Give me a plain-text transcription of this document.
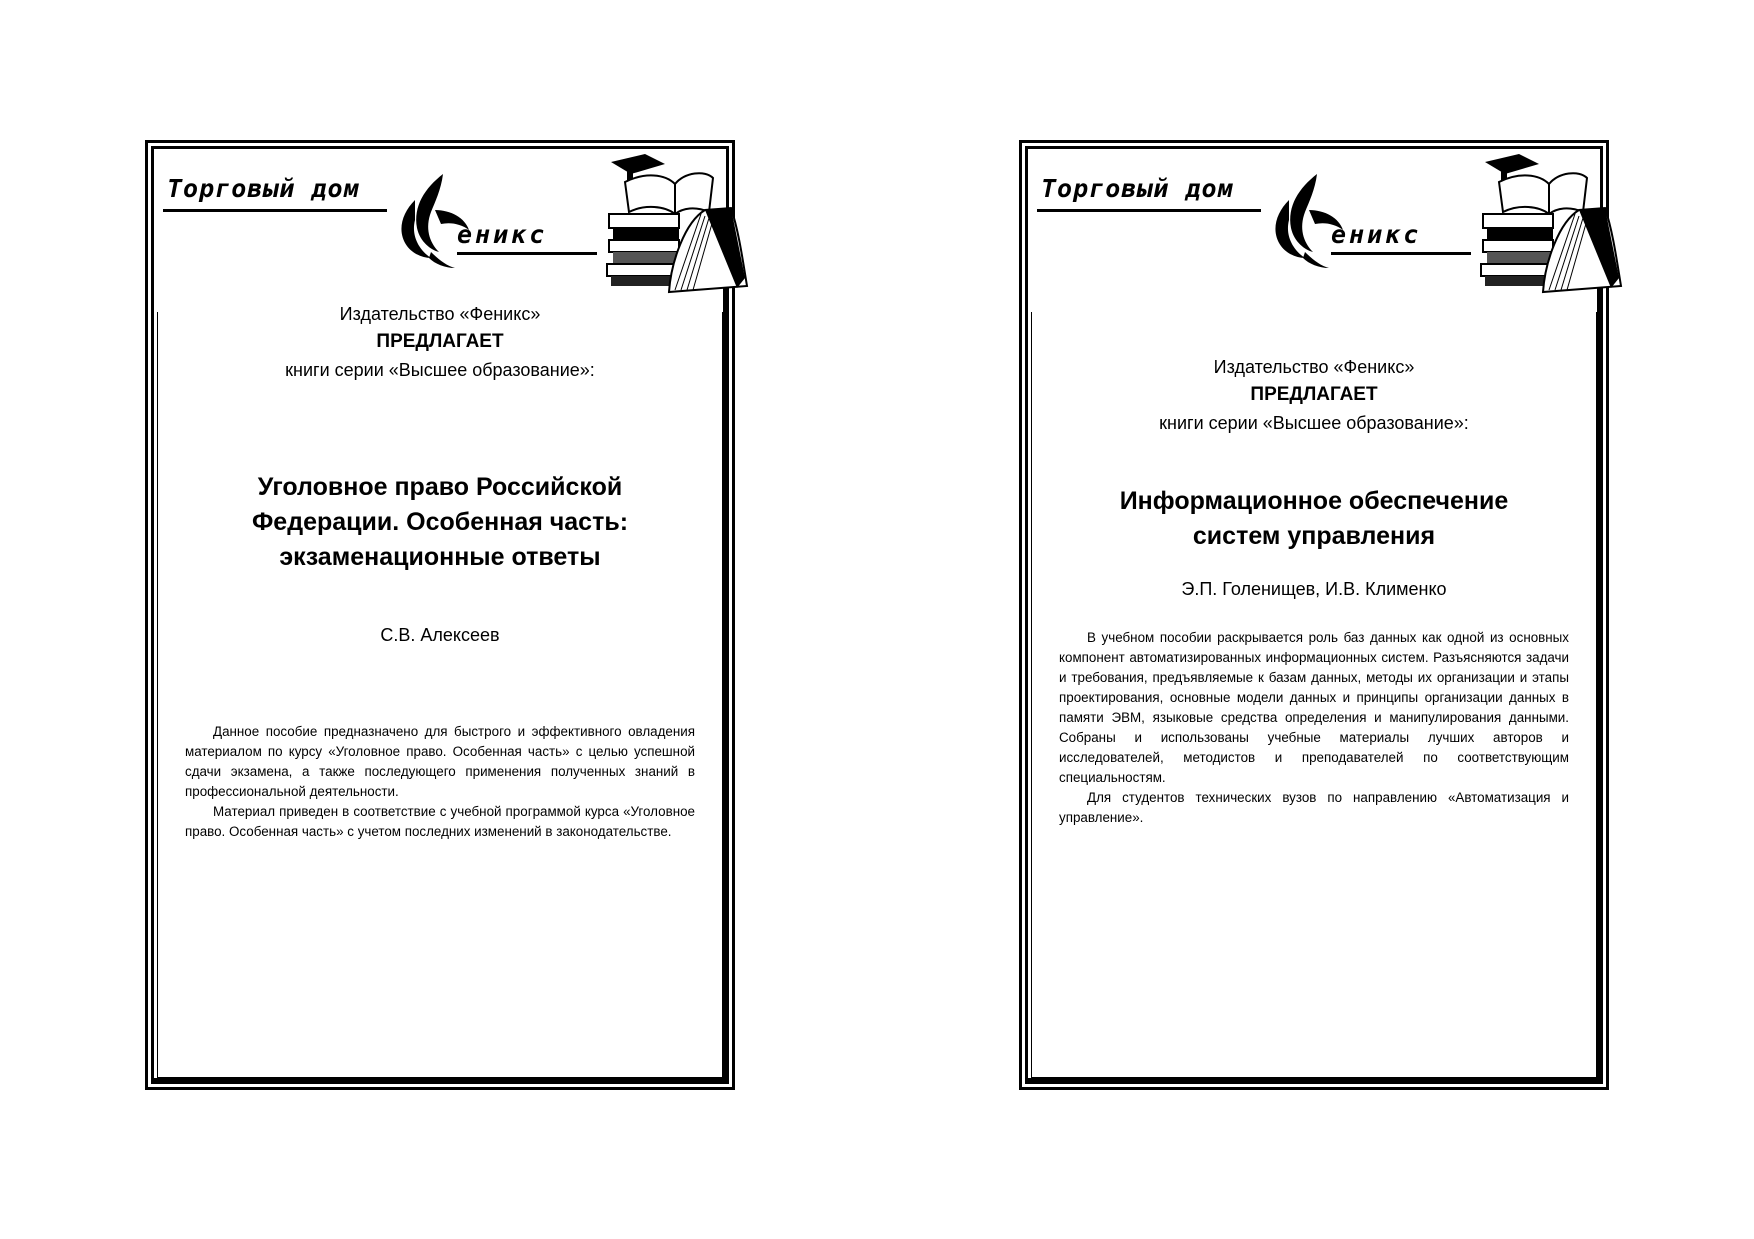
Торговый дом
еникс
Издательство «Феникс»
ПРЕДЛАГАЕТ
книги серии «Высшее образование»:
Уголовное право Российской
Федерации. Особенная часть:
экзаменационные ответы
С.В. Алексеев

Данное пособие предназначено для быстрого и эффективного овладения материалом по курсу «Уголовное право. Особенная часть» с целью успешной сдачи экзамена, а также последующего применения полученных знаний в профессиональной деятельности.

Материал приведен в соответствие с учебной программой курса «Уголовное право. Особенная часть» с учетом последних изменений в законодательстве.

Торговый дом
еникс
Издательство «Феникс»
ПРЕДЛАГАЕТ
книги серии «Высшее образование»:
Информационное обеспечение
систем управления
Э.П. Голенищев, И.В. Клименко

В учебном пособии раскрывается роль баз данных как одной из основных компонент автоматизированных информационных систем. Разъясняются задачи и требования, предъявляемые к базам данных, методы их организации и этапы проектирования, основные модели данных и принципы организации данных в памяти ЭВМ, языковые средства определения и манипулирования данными. Собраны и использованы учебные материалы лучших авторов и исследователей, методистов и преподавателей по соответствующим специальностям.

Для студентов технических вузов по направлению «Автоматизация и управление».
